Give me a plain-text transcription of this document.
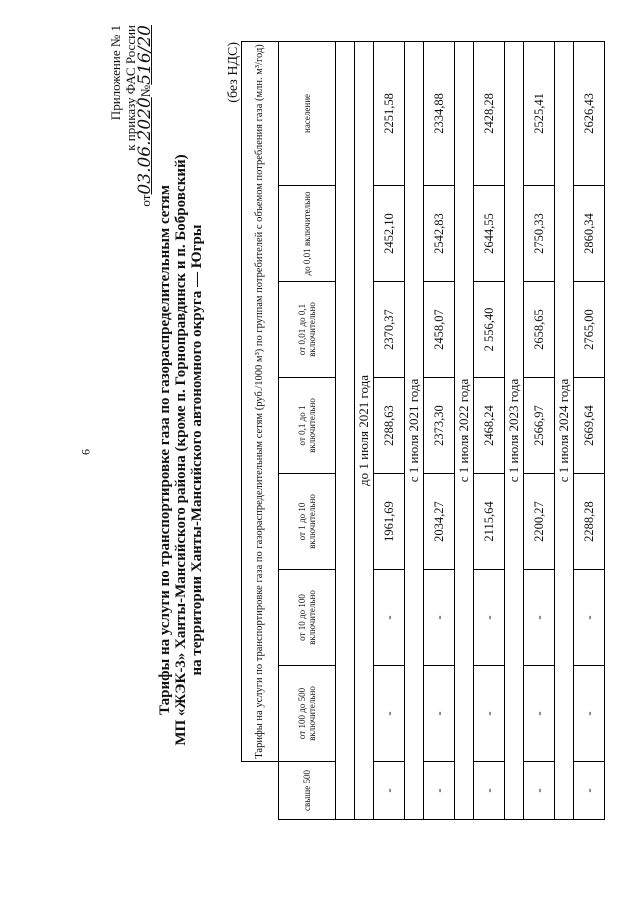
6
Приложение № 1 к приказу ФАС России
от03.06.2020№516/20
Тарифы на услуги по транспортировке газа по газораспределительным сетям МП «ЖЭК-3» Ханты-Мансийского района (кроме п. Горноправдинск и п. Бобровский) на территории Ханты-Мансийского автономного округа — Югры
(без НДС)
	Тарифы на услуги по транспортировке газа по газораспределительным сетям (руб./1000 м³) по группам потребителей с объемом потребления газа (млн. м³/год)						
свыше 500	от 100 до 500 включительно	от 10 до 100 включительно	от 1 до 10 включительно	от 0,1 до 1 включительно	от 0,01 до 0,1 включительно	до 0,01 включительно	население

до 1 июля 2021 года							
-	-	-	1961,69	2288,63	2370,37	2452,10	2251,58
с 1 июля 2021 года							
-	-	-	2034,27	2373,30	2458,07	2542,83	2334,88
с 1 июля 2022 года							
-	-	-	2115,64	2468,24	2 556,40	2644,55	2428,28
с 1 июля 2023 года							
-	-	-	2200,27	2566,97	2658,65	2750,33	2525,41
с 1 июля 2024 года							
-	-	-	2288,28	2669,64	2765,00	2860,34	2626,43
